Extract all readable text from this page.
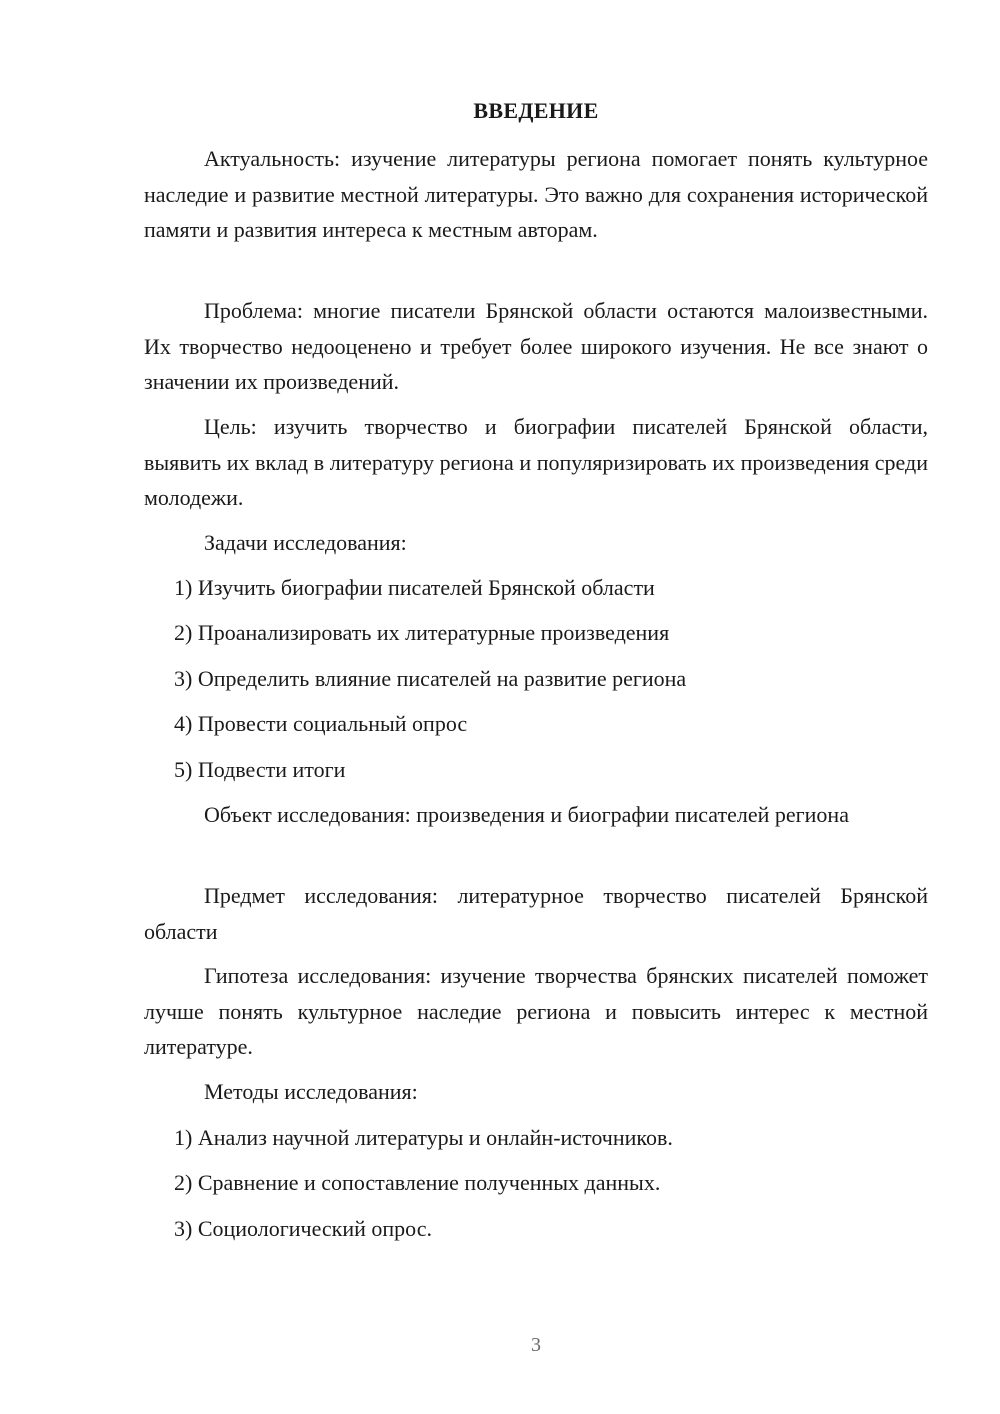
ВВЕДЕНИЕ

Актуальность: изучение литературы региона помогает понять культурное наследие и развитие местной литературы. Это важно для сохранения исторической памяти и развития интереса к местным авторам.

Проблема: многие писатели Брянской области остаются малоизвестными. Их творчество недооценено и требует более широкого изучения. Не все знают о значении их произведений.

Цель: изучить творчество и биографии писателей Брянской области, выявить их вклад в литературу региона и популяризировать их произведения среди молодежи.

Задачи исследования:

1) Изучить биографии писателей Брянской области

2) Проанализировать их литературные произведения

3) Определить влияние писателей на развитие региона

4) Провести социальный опрос

5) Подвести итоги

Объект исследования: произведения и биографии писателей региона

Предмет исследования: литературное творчество писателей Брянской области

Гипотеза исследования: изучение творчества брянских писателей поможет лучше понять культурное наследие региона и повысить интерес к местной литературе.

Методы исследования:

1) Анализ научной литературы и онлайн-источников.

2) Сравнение и сопоставление полученных данных.

3) Социологический опрос.

3
